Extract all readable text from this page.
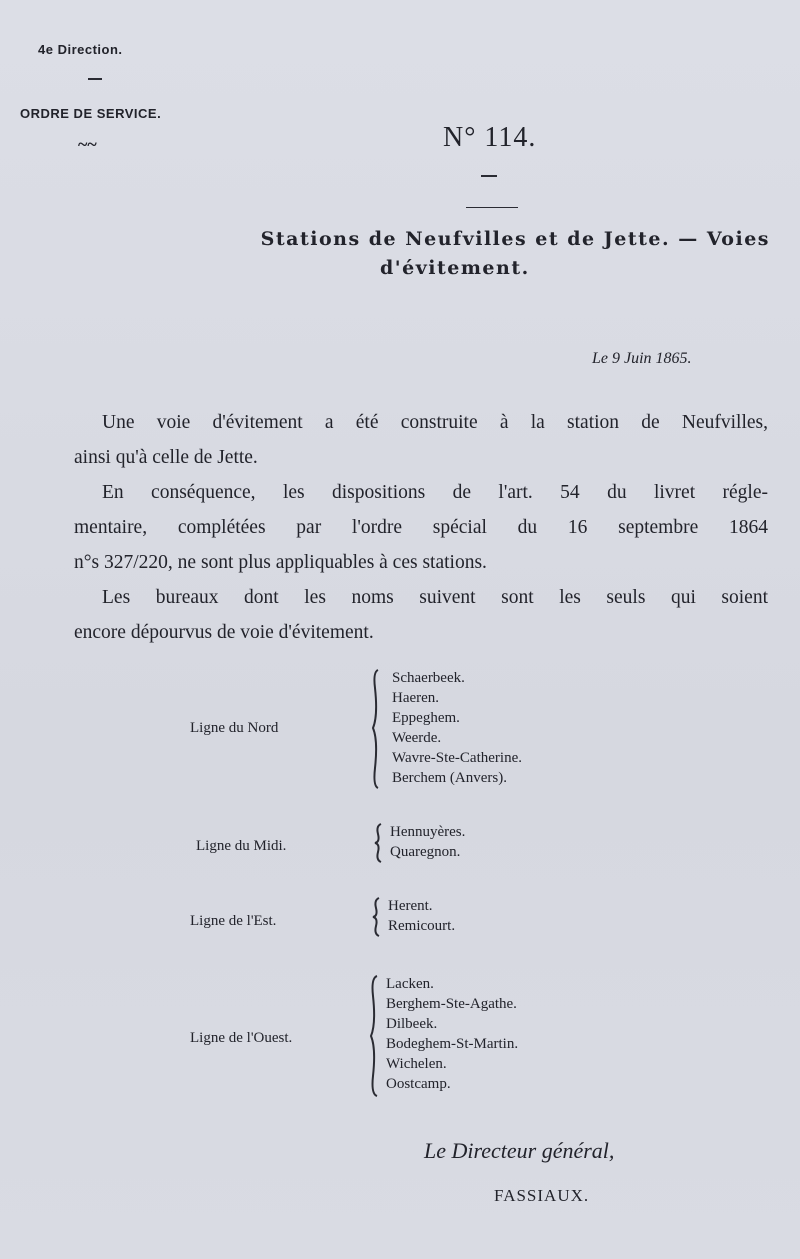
4e Direction.
ORDRE DE SERVICE.
~~	N° 114.
Stations de Neufvilles et de Jette. — Voies
d'évitement.
Le 9 Juin 1865.
Une voie d'évitement a été construite à la station de Neufvilles,
ainsi qu'à celle de Jette.
En conséquence, les dispositions de l'art. 54 du livret régle-
mentaire, complétées par l'ordre spécial du 16 septembre 1864
n°s 327/220, ne sont plus appliquables à ces stations.
Les bureaux dont les noms suivent sont les seuls qui soient
encore dépourvus de voie d'évitement.
Ligne du Nord
Schaerbeek.
Haeren.
Eppeghem.
Weerde.
Wavre-Ste-Catherine.
Berchem (Anvers).
Ligne du Midi.
Hennuyères.
Quaregnon.
Ligne de l'Est.
Herent.
Remicourt.
Ligne de l'Ouest.
Lacken.
Berghem-Ste-Agathe.
Dilbeek.
Bodeghem-St-Martin.
Wichelen.
Oostcamp.
Le Directeur général,
FASSIAUX.
